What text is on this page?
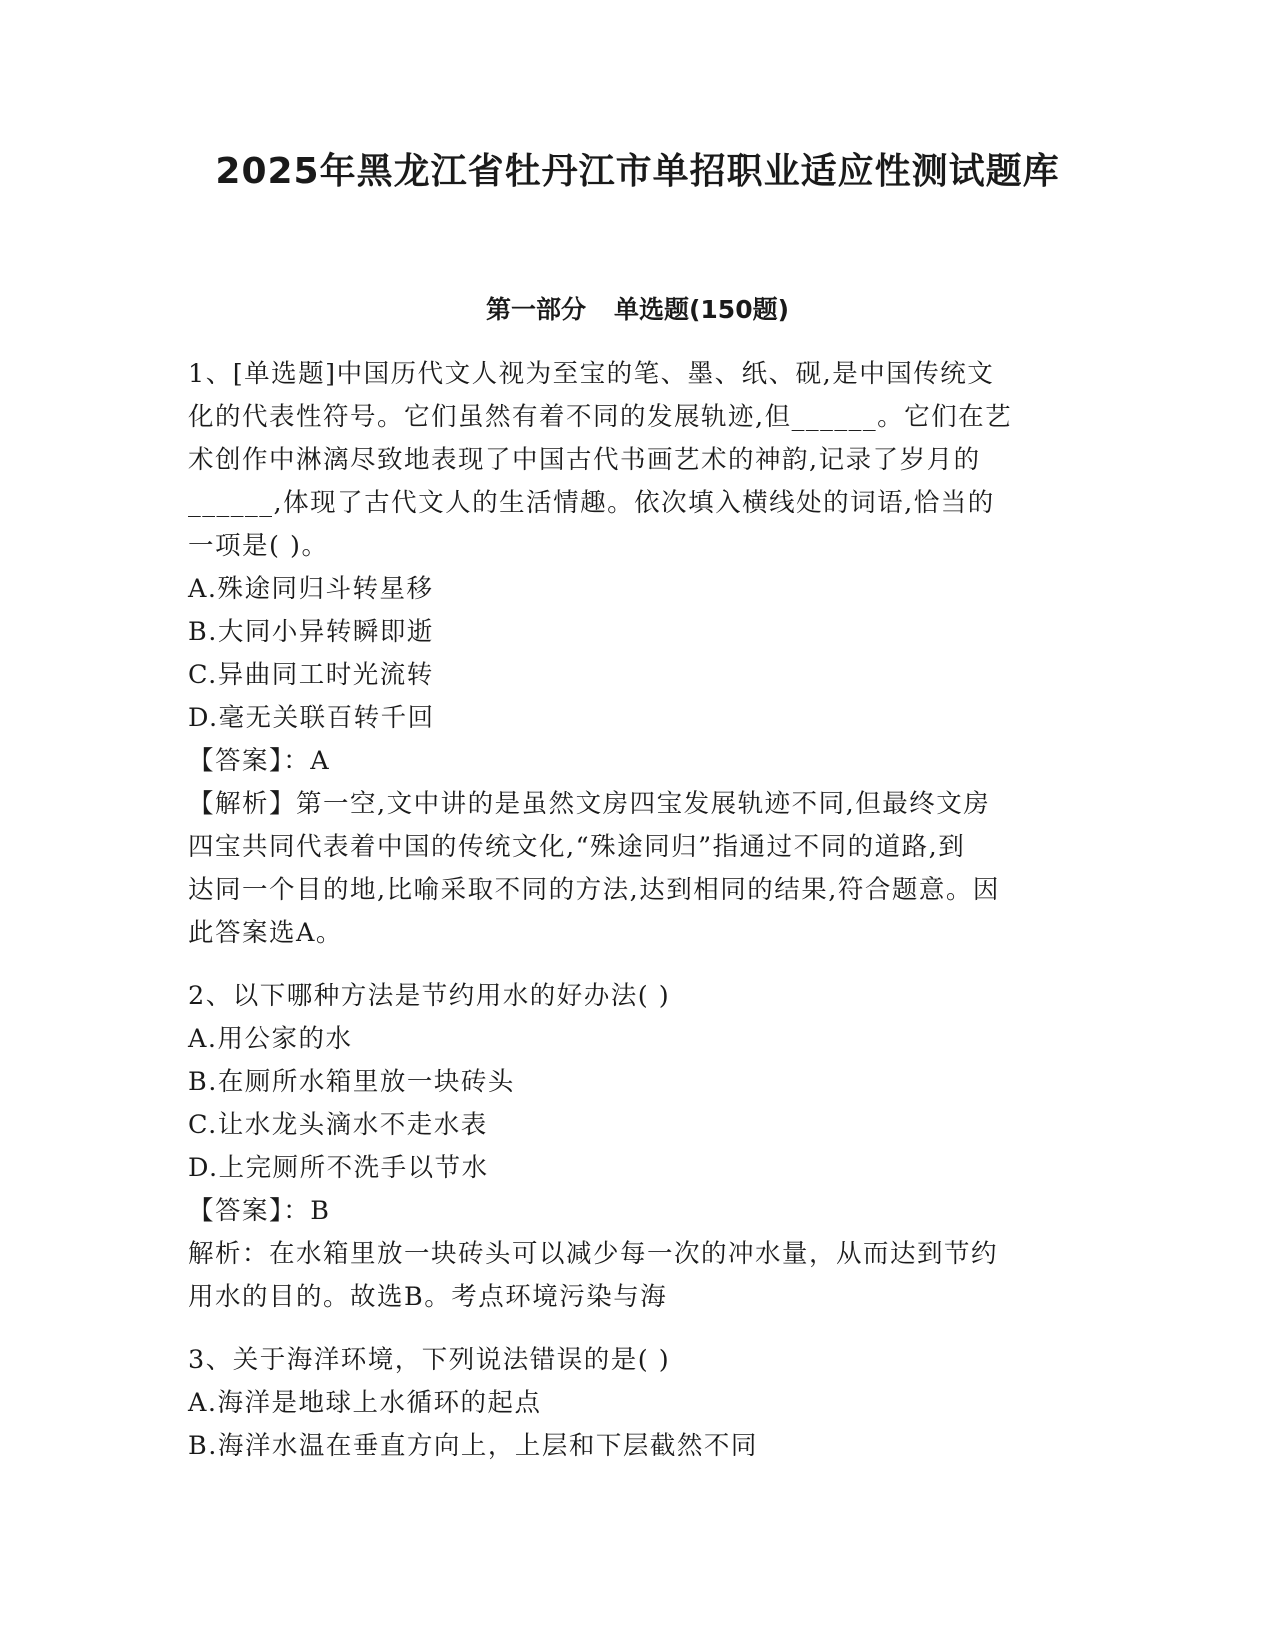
2025年黑龙江省牡丹江市单招职业适应性测试题库
第一部分 单选题(150题)
1、[单选题]中国历代文人视为至宝的笔、墨、纸、砚,是中国传统文
化的代表性符号。它们虽然有着不同的发展轨迹,但______。它们在艺
术创作中淋漓尽致地表现了中国古代书画艺术的神韵,记录了岁月的
______,体现了古代文人的生活情趣。依次填入横线处的词语,恰当的
一项是( )。
A.殊途同归斗转星移
B.大同小异转瞬即逝
C.异曲同工时光流转
D.毫无关联百转千回
【答案】：A
【解析】第一空,文中讲的是虽然文房四宝发展轨迹不同,但最终文房
四宝共同代表着中国的传统文化,“殊途同归”指通过不同的道路,到
达同一个目的地,比喻采取不同的方法,达到相同的结果,符合题意。因
此答案选A。
2、以下哪种方法是节约用水的好办法( )
A.用公家的水
B.在厕所水箱里放一块砖头
C.让水龙头滴水不走水表
D.上完厕所不洗手以节水
【答案】：B
解析：在水箱里放一块砖头可以减少每一次的冲水量，从而达到节约
用水的目的。故选B。考点环境污染与海
3、关于海洋环境，下列说法错误的是( )
A.海洋是地球上水循环的起点
B.海洋水温在垂直方向上，上层和下层截然不同
